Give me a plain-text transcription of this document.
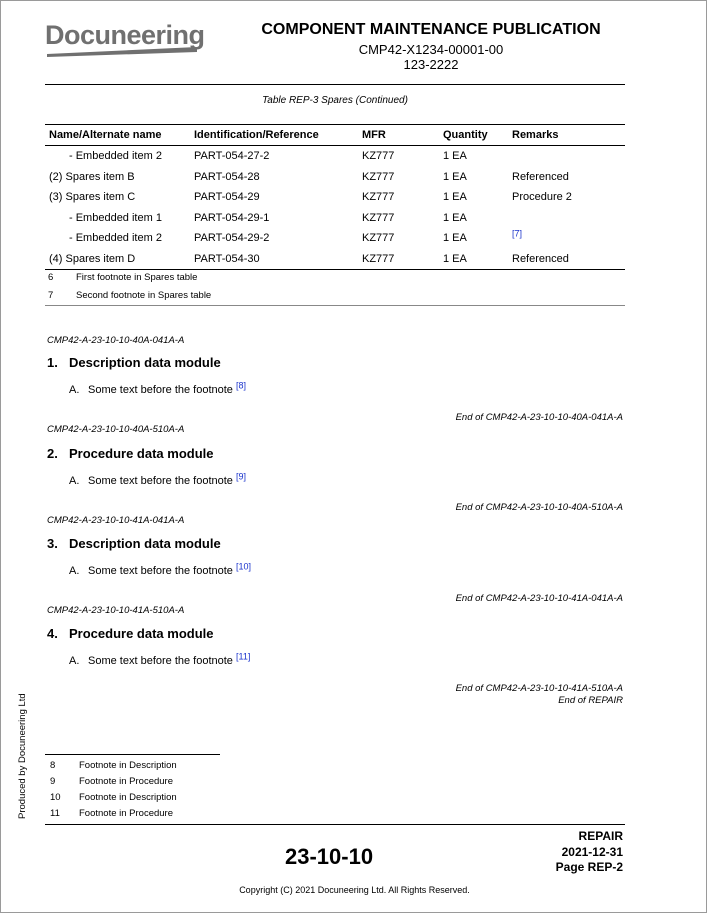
Docuneering	COMPONENT MAINTENANCE PUBLICATION
CMP42-X1234-00001-00
123-2222
Table REP-3 Spares (Continued)
Name/Alternate name	Identification/Reference	MFR	Quantity	Remarks
- Embedded item 2	PART-054-27-2	KZ777	1 EA	
(2) Spares item B	PART-054-28	KZ777	1 EA	Referenced
(3) Spares item C	PART-054-29	KZ777	1 EA	Procedure 2
- Embedded item 1	PART-054-29-1	KZ777	1 EA	
- Embedded item 2	PART-054-29-2	KZ777	1 EA	[7]
(4) Spares item D	PART-054-30	KZ777	1 EA	Referenced
6 First footnote in Spares table
7 Second footnote in Spares table
CMP42-A-23-10-10-40A-041A-A
1. Description data module
A. Some text before the footnote [8]
End of CMP42-A-23-10-10-40A-041A-A
CMP42-A-23-10-10-40A-510A-A
2. Procedure data module
A. Some text before the footnote [9]
End of CMP42-A-23-10-10-40A-510A-A
CMP42-A-23-10-10-41A-041A-A
3. Description data module
A. Some text before the footnote [10]
End of CMP42-A-23-10-10-41A-041A-A
CMP42-A-23-10-10-41A-510A-A
4. Procedure data module
A. Some text before the footnote [11]
End of CMP42-A-23-10-10-41A-510A-A
End of REPAIR
Produced by Docuneering Ltd 8 Footnote in Description
9 Footnote in Procedure
10 Footnote in Description
11 Footnote in Procedure
23-10-10
REPAIR
2021-12-31
Page REP-2
Copyright (C) 2021 Docuneering Ltd. All Rights Reserved.
